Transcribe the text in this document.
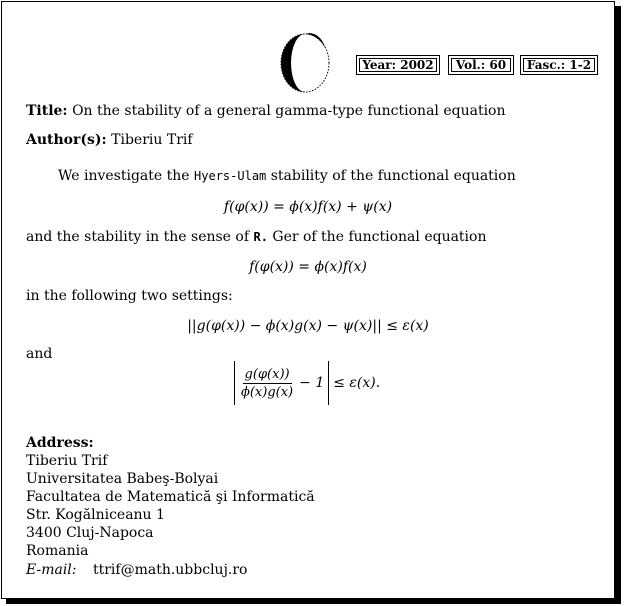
Year: 2002	Vol.: 60	Fasc.: 1-2
Title: On the stability of a general gamma-type functional equation
Author(s): Tiberiu Trif
We investigate the Hyers-Ulam stability of the functional equation
f(φ(x)) = ϕ(x)f(x) + ψ(x)
and the stability in the sense of R. Ger of the functional equation
f(φ(x)) = ϕ(x)f(x)
in the following two settings:
||g(φ(x)) − ϕ(x)g(x) − ψ(x)|| ≤ ε(x)
and
$\frac{g(\varphi(x))}{\phi(x)g(x)} - 1 \le \varepsilon(x)$.
Address:
Tiberiu Trif
Universitatea Babeş-Bolyai
Facultatea de Matematică şi Informatică
Str. Kogălniceanu 1
3400 Cluj-Napoca
Romania
E-mail: ttrif@math.ubbcluj.ro
